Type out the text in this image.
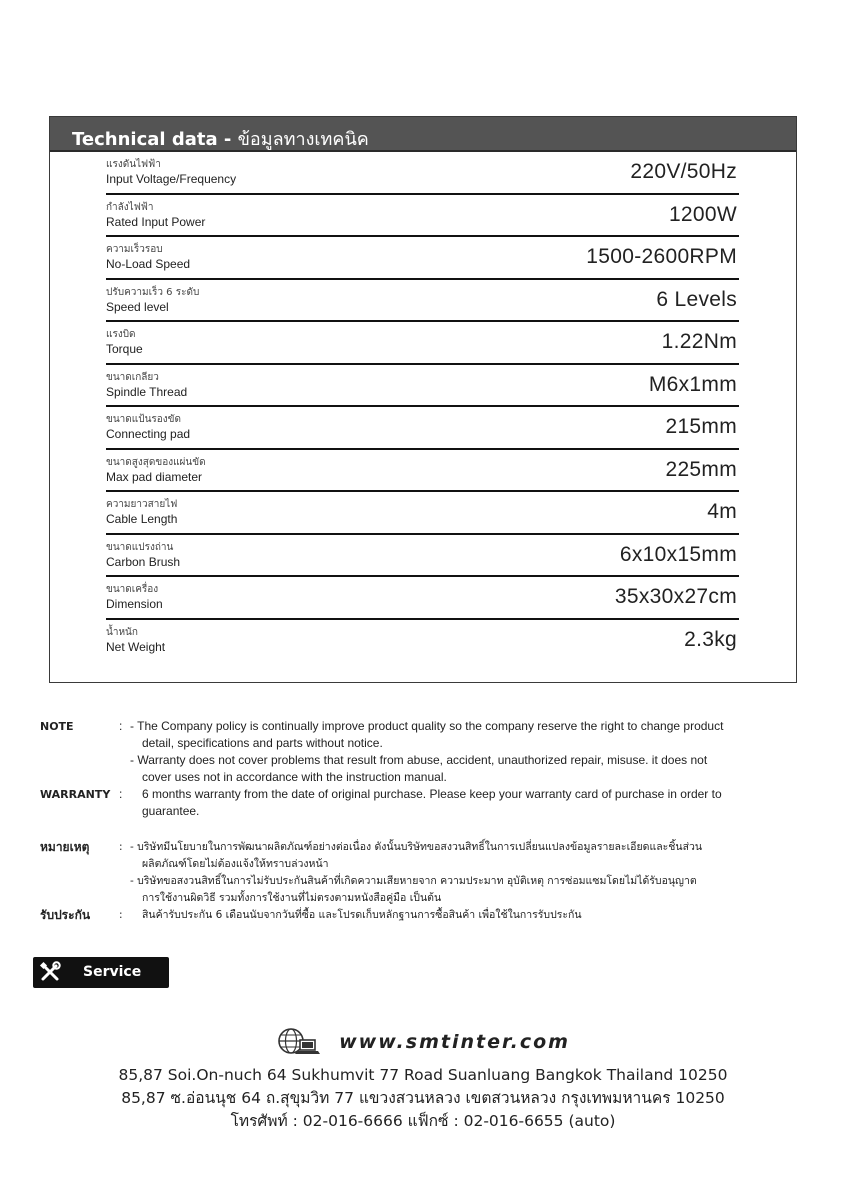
Technical data - ข้อมูลทางเทคนิค
แรงดันไฟฟ้า
Input Voltage/Frequency	220V/50Hz
กำลังไฟฟ้า
Rated Input Power	1200W
ความเร็วรอบ
No-Load Speed	1500-2600RPM
ปรับความเร็ว 6 ระดับ
Speed level	6 Levels
แรงบิด
Torque	1.22Nm
ขนาดเกลียว
Spindle Thread	M6x1mm
ขนาดแป้นรองขัด
Connecting pad	215mm
ขนาดสูงสุดของแผ่นขัด
Max pad diameter	225mm
ความยาวสายไฟ
Cable Length	4m
ขนาดแปรงถ่าน
Carbon Brush	6x10x15mm
ขนาดเครื่อง
Dimension	35x30x27cm
น้ำหนัก
Net Weight	2.3kg
NOTE	: - The Company policy is continually improve product quality so the company reserve the right to change product
detail, specifications and parts without notice.
- Warranty does not cover problems that result from abuse, accident, unauthorized repair, misuse. it does not
cover uses not in accordance with the instruction manual.
WARRANTY : 6 months warranty from the date of original purchase. Please keep your warranty card of purchase in order to
guarantee.
หมายเหตุ	: - บริษัทมีนโยบายในการพัฒนาผลิตภัณฑ์อย่างต่อเนื่อง ดังนั้นบริษัทขอสงวนสิทธิ์ในการเปลี่ยนแปลงข้อมูลรายละเอียดและชิ้นส่วน
ผลิตภัณฑ์โดยไม่ต้องแจ้งให้ทราบล่วงหน้า
- บริษัทขอสงวนสิทธิ์ในการไม่รับประกันสินค้าที่เกิดความเสียหายจาก ความประมาท อุบัติเหตุ การซ่อมแซมโดยไม่ได้รับอนุญาต
การใช้งานผิดวิธี รวมทั้งการใช้งานที่ไม่ตรงตามหนังสือคู่มือ เป็นต้น
รับประกัน	: สินค้ารับประกัน 6 เดือนนับจากวันที่ซื้อ และโปรดเก็บหลักฐานการซื้อสินค้า เพื่อใช้ในการรับประกัน
Service
www.smtinter.com
85,87 Soi.On-nuch 64 Sukhumvit 77 Road Suanluang Bangkok Thailand 10250
85,87 ซ.อ่อนนุช 64 ถ.สุขุมวิท 77 แขวงสวนหลวง เขตสวนหลวง กรุงเทพมหานคร 10250
โทรศัพท์ : 02-016-6666 แฟ็กซ์ : 02-016-6655 (auto)
